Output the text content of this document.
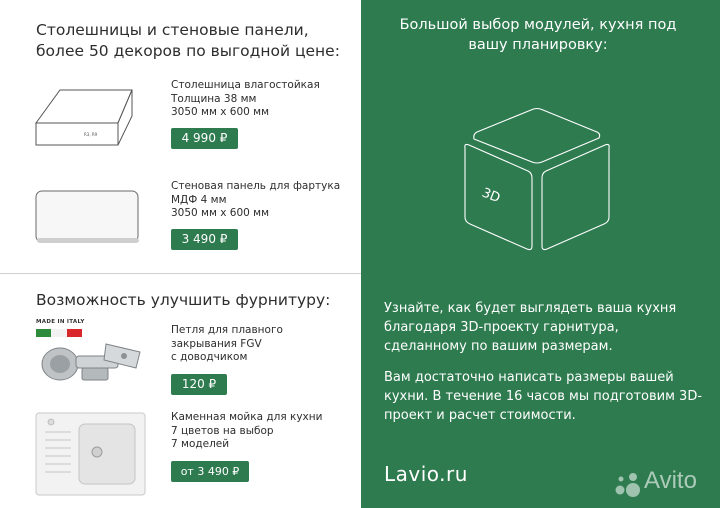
Столешницы и стеновые панели, более 50 декоров по выгодной цене:
R3, R9
Столешница влагостойкая
Толщина 38 мм
3050 мм х 600 мм
4 990 ₽
Стеновая панель для фартука
МДФ 4 мм
3050 мм х 600 мм
3 490 ₽
Возможность улучшить фурнитуру:
MADE IN ITALY
Петля для плавного
закрывания FGV
с доводчиком
120 ₽
Каменная мойка для кухни
7 цветов на выбор
7 моделей
от 3 490 ₽
Большой выбор модулей, кухня под вашу планировку:
3D
Узнайте, как будет выглядеть ваша кухня благодаря 3D-проекту гарнитура, сделанному по вашим размерам.
Вам достаточно написать размеры вашей кухни. В течение 16 часов мы подготовим 3D-проект и расчет стоимости.
Lavio.ru	Avito
